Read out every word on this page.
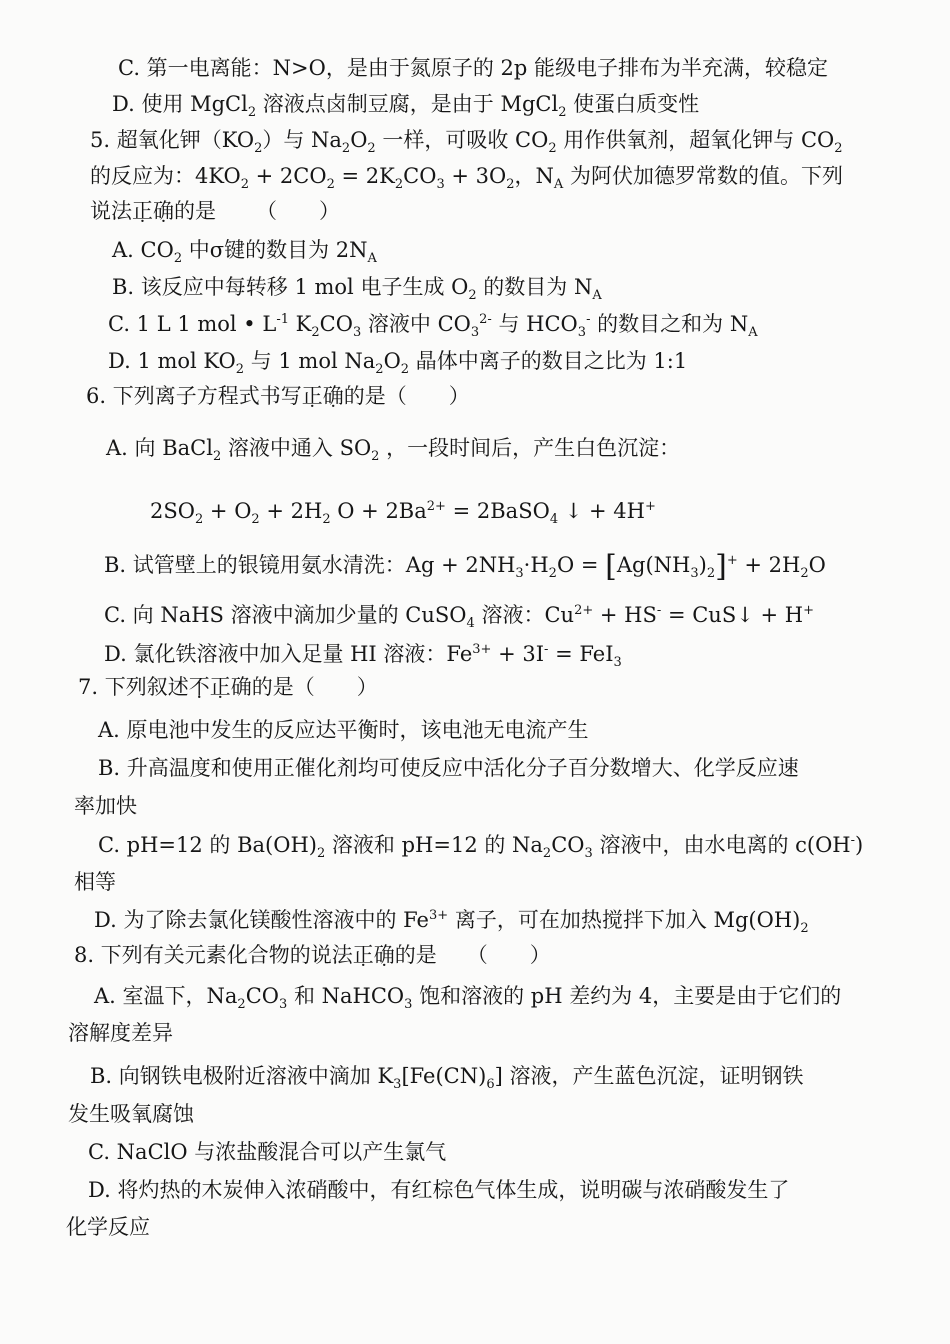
C. 第一电离能：N>O，是由于氮原子的 2p 能级电子排布为半充满，较稳定
D. 使用 MgCl$_2$ 溶液点卤制豆腐，是由于 MgCl$_2$ 使蛋白质变性
5. 超氧化钾$(KO_2)$与 $Na_2O_2$ 一样，可吸收 $CO_2$ 用作供氧剂，超氧化钾与 $CO_2$
的反应为：$4KO_2 + 2CO_2 = 2K_2CO_3 + 3O_2$，$N_A$ 为阿伏加德罗常数的值。下列
说法正确的是 （　　）
A. $CO_2$ 中σ键的数目为 $2N_A$
B. 该反应中每转移 1 mol 电子生成 $O_2$ 的数目为 $N_A$
C. 1 L 1 mol • $L^{-1}$ $K_2CO_3$ 溶液中 $CO_3^{2-}$ 与 $HCO_3^-$ 的数目之和为 $N_A$
D. 1 mol $KO_2$ 与 1 mol $Na_2O_2$ 晶体中离子的数目之比为 1:1
6. 下列离子方程式书写正确的是（　　）
A. 向 BaCl$_2$ 溶液中通入 $SO_2$ ，一段时间后，产生白色沉淀：
$2SO_2 + O_2 + 2H_2$ $O + 2Ba^{2+}$ = 2BaSO$_4$ ↓ + 4H+
B. 试管壁上的银镜用氨水清洗：$Ag + 2NH_3\cdot H_2O = [Ag(NH_3)_2]^+ + 2H_2O$
C. 向 NaHS 溶液中滴加少量的 CuSO$_4$ 溶液：$Cu^{2+} + HS^-$ = CuS↓ + H+
D. 氯化铁溶液中加入足量 HI 溶液：$Fe^{3+} + 3I^- = FeI_3$
7. 下列叙述不正确的是（　　）
A. 原电池中发生的反应达平衡时，该电池无电流产生
B. 升高温度和使用正催化剂均可使反应中活化分子百分数增大、化学反应速
率加快
C. pH=12 的 $Ba(OH)_2$ 溶液和 pH=12 的 $Na_2CO_3$ 溶液中，由水电离的 c(OH-)
相等
D. 为了除去氯化镁酸性溶液中的 $Fe^{3+}$ 离子，可在加热搅拌下加入 $Mg(OH)_2$
8. 下列有关元素化合物的说法正确的是 （　　）
A. 室温下，$Na_2CO_3$ 和 NaHCO$_3$ 饱和溶液的 pH 差约为 4，主要是由于它们的
溶解度差异
B. 向钢铁电极附近溶液中滴加 $K_3[Fe(CN)_6]$ 溶液，产生蓝色沉淀，证明钢铁
发生吸氧腐蚀
C. NaClO 与浓盐酸混合可以产生氯气
D. 将灼热的木炭伸入浓硝酸中，有红棕色气体生成，说明碳与浓硝酸发生了
化学反应
